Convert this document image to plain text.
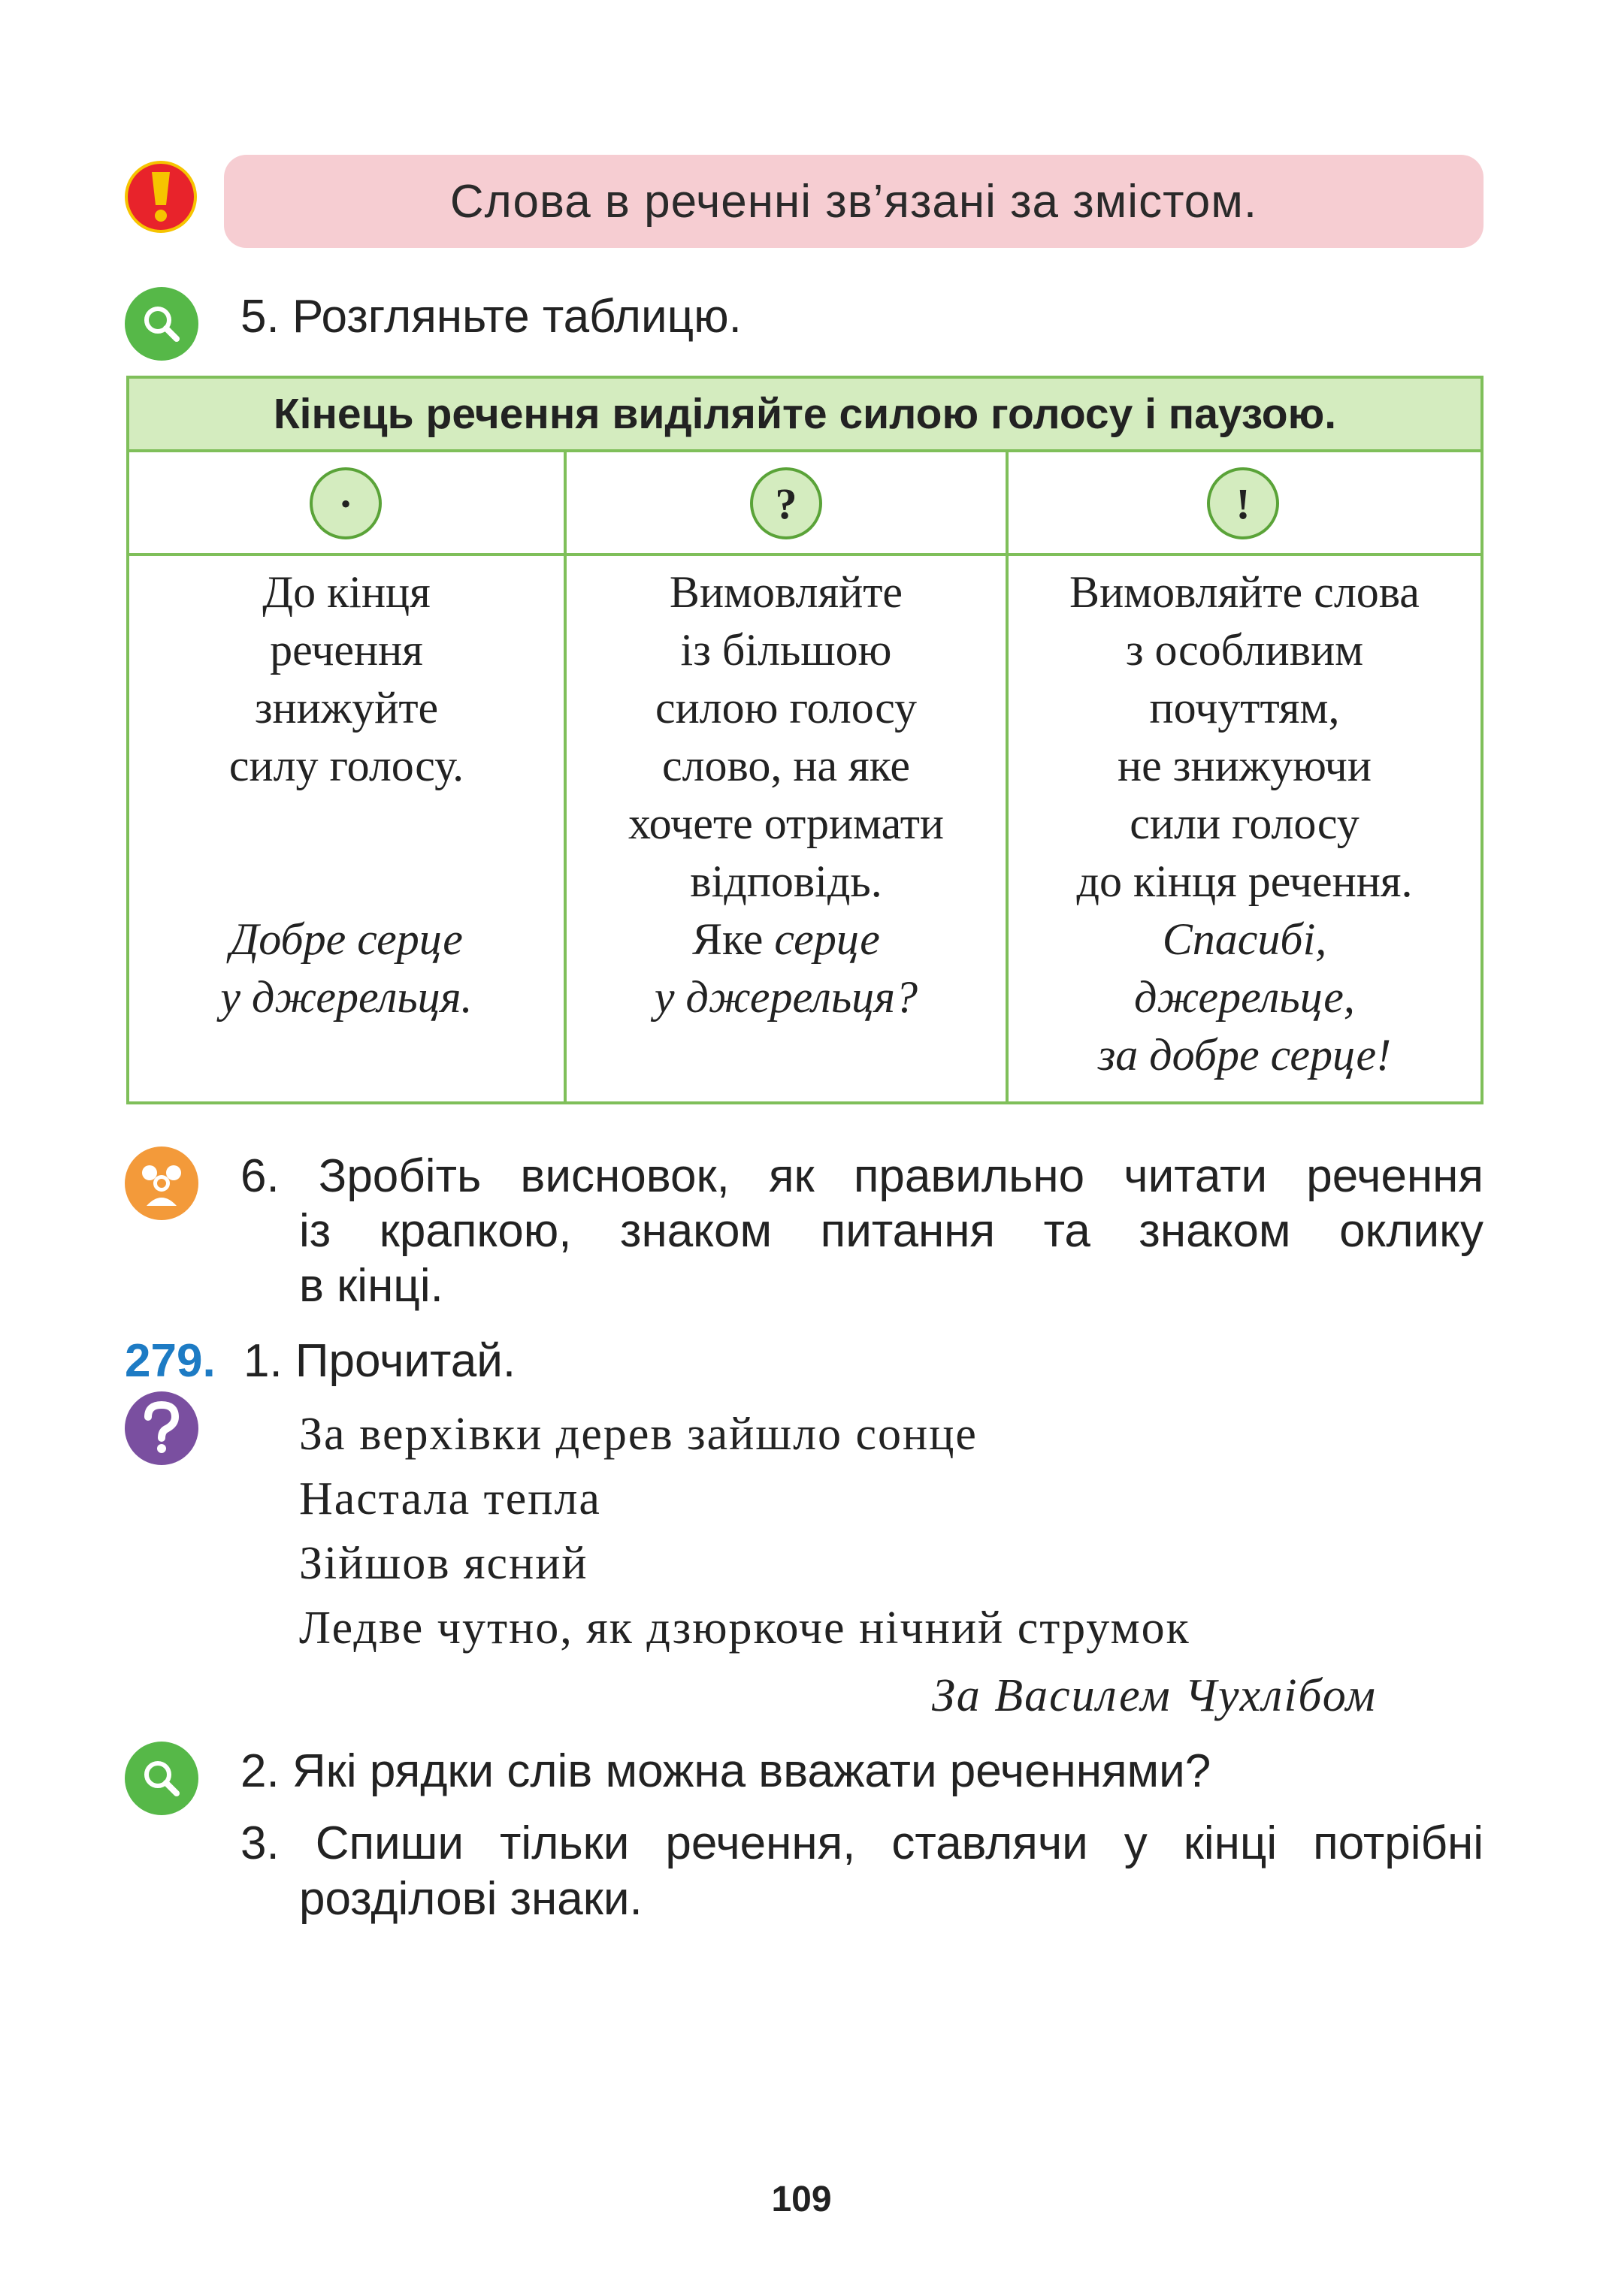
Слова в реченні зв’язані за змістом.
5. Розгляньте таблицю.
Кінець речення виділяйте силою голосу і паузою.
·	?	!
До кінця
речення
знижуйте
силу голосу.
Добре серце
у джерельця.
Вимовляйте
із більшою
силою голосу
слово, на яке
хочете отримати
відповідь.
Яке серце
у джерельця?
Вимовляйте слова
з особливим
почуттям,
не знижуючи
сили голосу
до кінця речення.
Спасибі,
джерельце,
за добре серце!
6. Зробіть висновок, як правильно читати речення
із крапкою, знаком питання та знаком оклику
в кінці.
279. 1. Прочитай.
За верхівки дерев зайшло сонце
Настала тепла
Зійшов ясний
Ледве чутно, як дзюркоче нічний струмок
За Василем Чухлібом
2. Які рядки слів можна вважати реченнями?
3. Спиши тільки речення, ставлячи у кінці потрібні
розділові знаки.
109
